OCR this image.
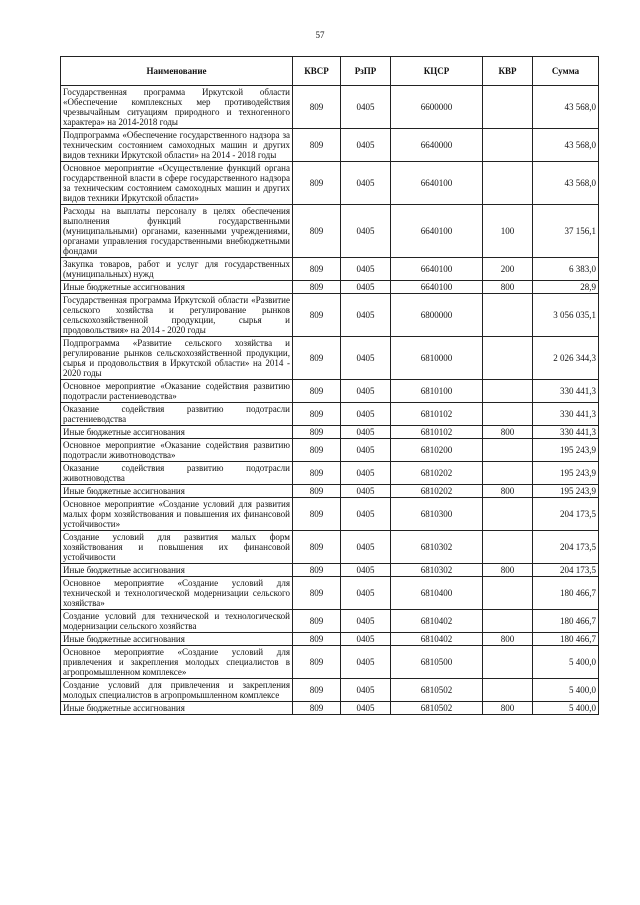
57
Наименование	КВСР	РзПР	КЦСР	КВР	Сумма
Государственная программа Иркутской области «Обеспечение комплексных мер противодействия чрезвычайным ситуациям природного и техногенного характера» на 2014-2018 годы	809	0405	6600000		43 568,0
Подпрограмма «Обеспечение государственного надзора за техническим состоянием самоходных машин и других видов техники Иркутской области» на 2014 - 2018 годы	809	0405	6640000		43 568,0
Основное мероприятие «Осуществление функций органа государственной власти в сфере государственного надзора за техническим состоянием самоходных машин и других видов техники Иркутской области»	809	0405	6640100		43 568,0
Расходы на выплаты персоналу в целях обеспечения выполнения функций государственными (муниципальными) органами, казенными учреждениями, органами управления государственными внебюджетными фондами	809	0405	6640100	100	37 156,1
Закупка товаров, работ и услуг для государственных (муниципальных) нужд	809	0405	6640100	200	6 383,0
Иные бюджетные ассигнования	809	0405	6640100	800	28,9
Государственная программа Иркутской области «Развитие сельского хозяйства и регулирование рынков сельскохозяйственной продукции, сырья и продовольствия» на 2014 - 2020 годы	809	0405	6800000		3 056 035,1
Подпрограмма «Развитие сельского хозяйства и регулирование рынков сельскохозяйственной продукции, сырья и продовольствия в Иркутской области» на 2014 - 2020 годы	809	0405	6810000		2 026 344,3
Основное мероприятие «Оказание содействия развитию подотрасли растениеводства»	809	0405	6810100		330 441,3
Оказание содействия развитию подотрасли растениеводства	809	0405	6810102		330 441,3
Иные бюджетные ассигнования	809	0405	6810102	800	330 441,3
Основное мероприятие «Оказание содействия развитию подотрасли животноводства»	809	0405	6810200		195 243,9
Оказание содействия развитию подотрасли животноводства	809	0405	6810202		195 243,9
Иные бюджетные ассигнования	809	0405	6810202	800	195 243,9
Основное мероприятие «Создание условий для развития малых форм хозяйствования и повышения их финансовой устойчивости»	809	0405	6810300		204 173,5
Создание условий для развития малых форм хозяйствования и повышения их финансовой устойчивости	809	0405	6810302		204 173,5
Иные бюджетные ассигнования	809	0405	6810302	800	204 173,5
Основное мероприятие «Создание условий для технической и технологической модернизации сельского хозяйства»	809	0405	6810400		180 466,7
Создание условий для технической и технологической модернизации сельского хозяйства	809	0405	6810402		180 466,7
Иные бюджетные ассигнования	809	0405	6810402	800	180 466,7
Основное мероприятие «Создание условий для привлечения и закрепления молодых специалистов в агропромышленном комплексе»	809	0405	6810500		5 400,0
Создание условий для привлечения и закрепления молодых специалистов в агропромышленном комплексе	809	0405	6810502		5 400,0
Иные бюджетные ассигнования	809	0405	6810502	800	5 400,0
